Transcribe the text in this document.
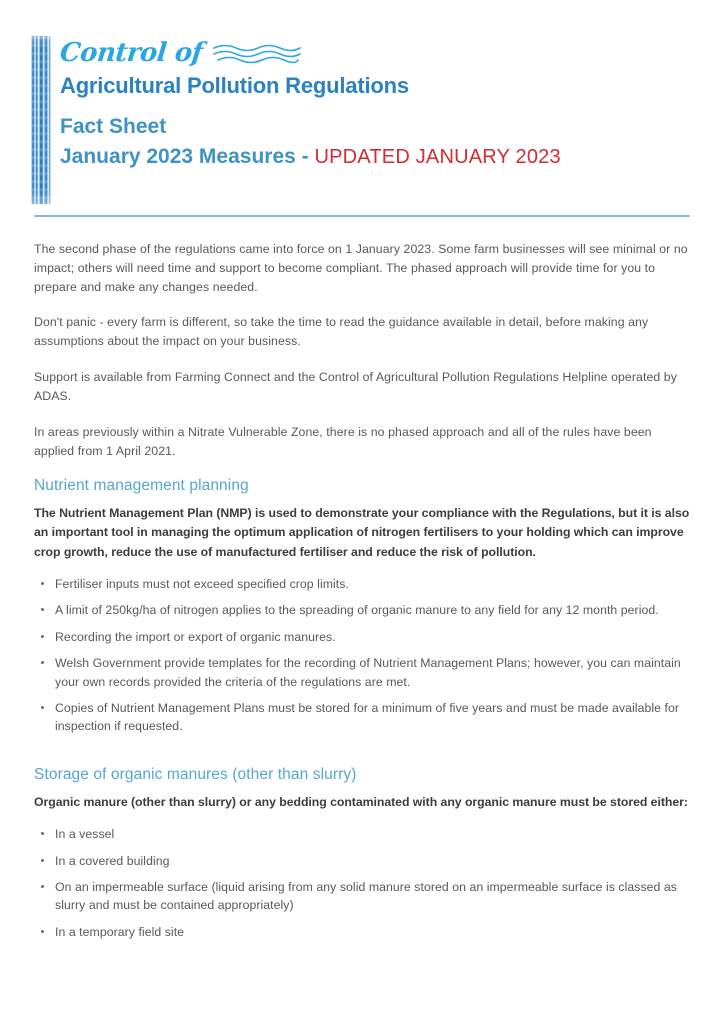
Control of
Agricultural Pollution Regulations
Fact Sheet
January 2023 Measures - UPDATED JANUARY 2023

The second phase of the regulations came into force on 1 January 2023. Some farm businesses will see minimal or no impact; others will need time and support to become compliant. The phased approach will provide time for you to prepare and make any changes needed.

Don't panic - every farm is different, so take the time to read the guidance available in detail, before making any assumptions about the impact on your business.

Support is available from Farming Connect and the Control of Agricultural Pollution Regulations Helpline operated by ADAS.

In areas previously within a Nitrate Vulnerable Zone, there is no phased approach and all of the rules have been applied from 1 April 2021.

Nutrient management planning

The Nutrient Management Plan (NMP) is used to demonstrate your compliance with the Regulations, but it is also an important tool in managing the optimum application of nitrogen fertilisers to your holding which can improve crop growth, reduce the use of manufactured fertiliser and reduce the risk of pollution.

Fertiliser inputs must not exceed specified crop limits.
A limit of 250kg/ha of nitrogen applies to the spreading of organic manure to any field for any 12 month period.
Recording the import or export of organic manures.
Welsh Government provide templates for the recording of Nutrient Management Plans; however, you can maintain your own records provided the criteria of the regulations are met.
Copies of Nutrient Management Plans must be stored for a minimum of five years and must be made available for inspection if requested.
Storage of organic manures (other than slurry)

Organic manure (other than slurry) or any bedding contaminated with any organic manure must be stored either:

In a vessel
In a covered building
On an impermeable surface (liquid arising from any solid manure stored on an impermeable surface is classed as slurry and must be contained appropriately)
In a temporary field site
